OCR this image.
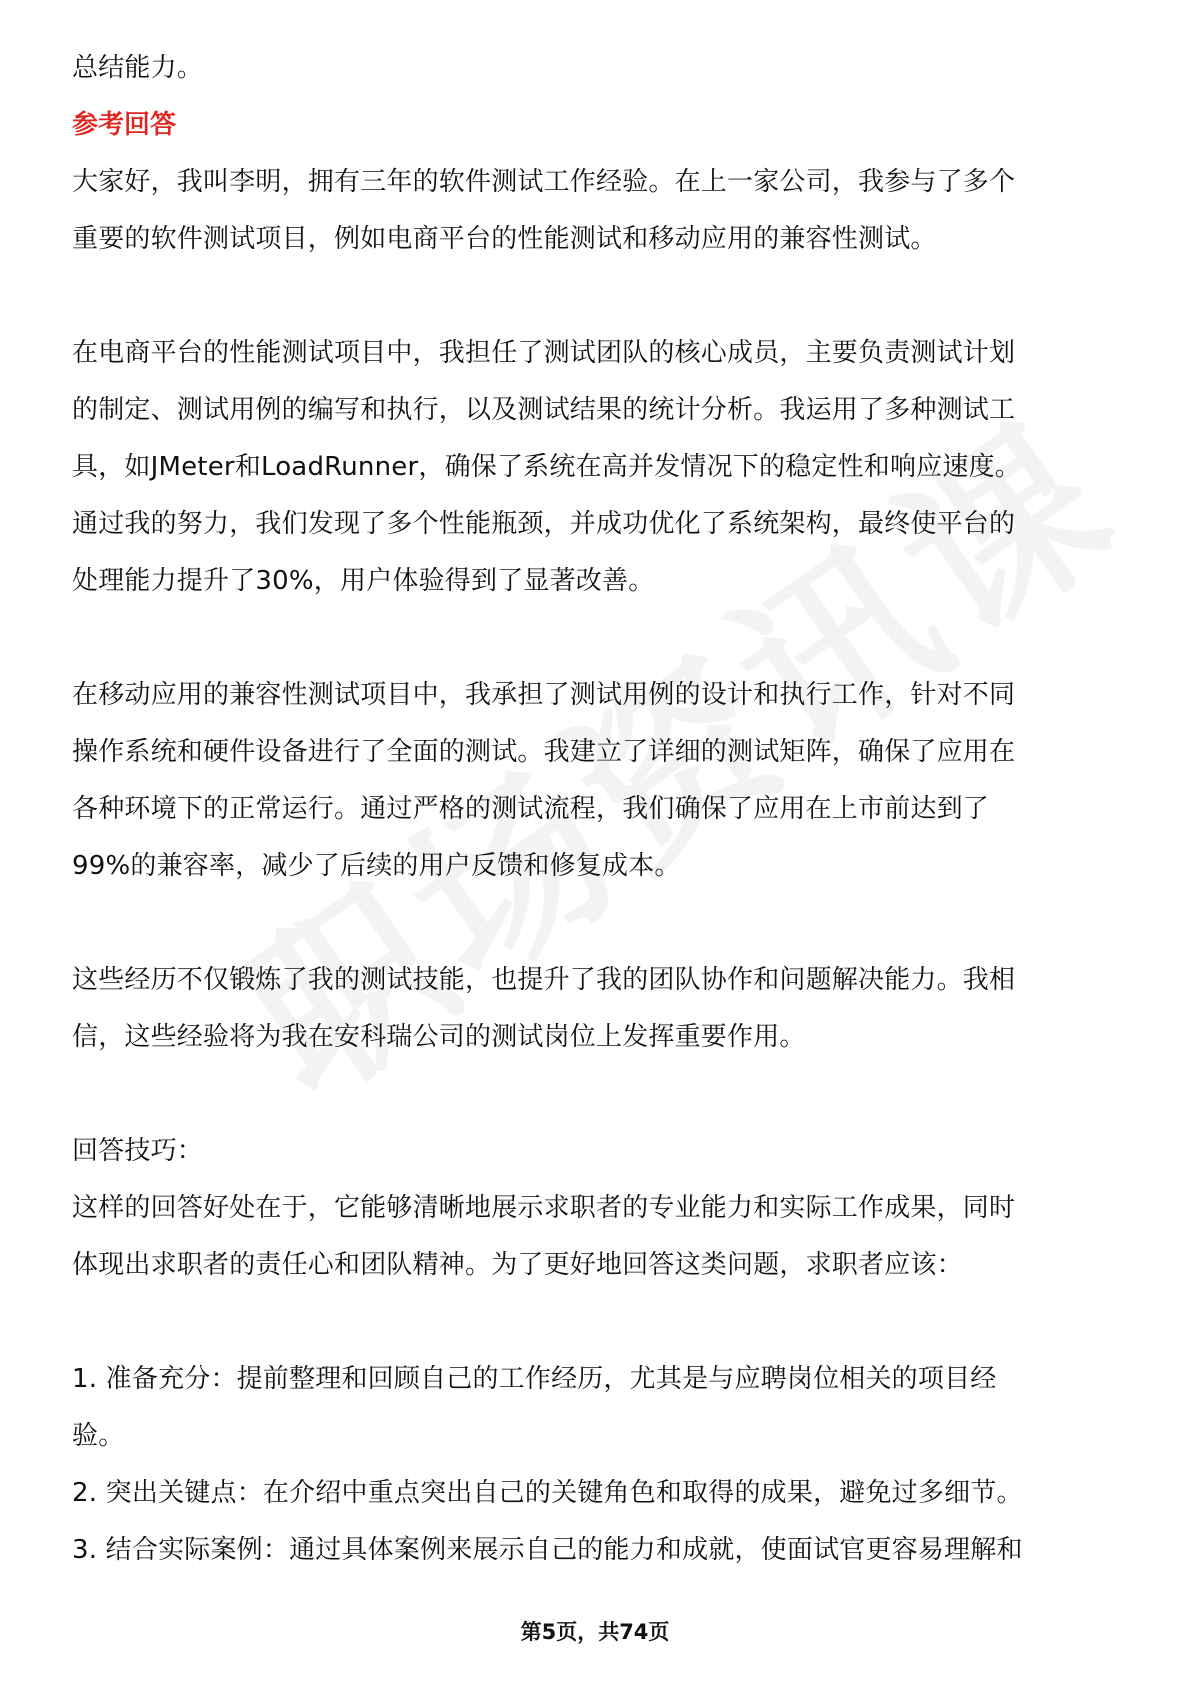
总结能力。
参考回答
大家好，我叫李明，拥有三年的软件测试工作经验。在上一家公司，我参与了多个
重要的软件测试项目，例如电商平台的性能测试和移动应用的兼容性测试。
在电商平台的性能测试项目中，我担任了测试团队的核心成员，主要负责测试计划
的制定、测试用例的编写和执行，以及测试结果的统计分析。我运用了多种测试工
具，如JMeter和LoadRunner，确保了系统在高并发情况下的稳定性和响应速度。
通过我的努力，我们发现了多个性能瓶颈，并成功优化了系统架构，最终使平台的
处理能力提升了30%，用户体验得到了显著改善。
在移动应用的兼容性测试项目中，我承担了测试用例的设计和执行工作，针对不同
操作系统和硬件设备进行了全面的测试。我建立了详细的测试矩阵，确保了应用在
各种环境下的正常运行。通过严格的测试流程，我们确保了应用在上市前达到了
99%的兼容率，减少了后续的用户反馈和修复成本。
这些经历不仅锻炼了我的测试技能，也提升了我的团队协作和问题解决能力。我相
信，这些经验将为我在安科瑞公司的测试岗位上发挥重要作用。
回答技巧：
这样的回答好处在于，它能够清晰地展示求职者的专业能力和实际工作成果，同时
体现出求职者的责任心和团队精神。为了更好地回答这类问题，求职者应该：
1. 准备充分：提前整理和回顾自己的工作经历，尤其是与应聘岗位相关的项目经
验。
2. 突出关键点：在介绍中重点突出自己的关键角色和取得的成果，避免过多细节。
3. 结合实际案例：通过具体案例来展示自己的能力和成就，使面试官更容易理解和
第5页，共74页
